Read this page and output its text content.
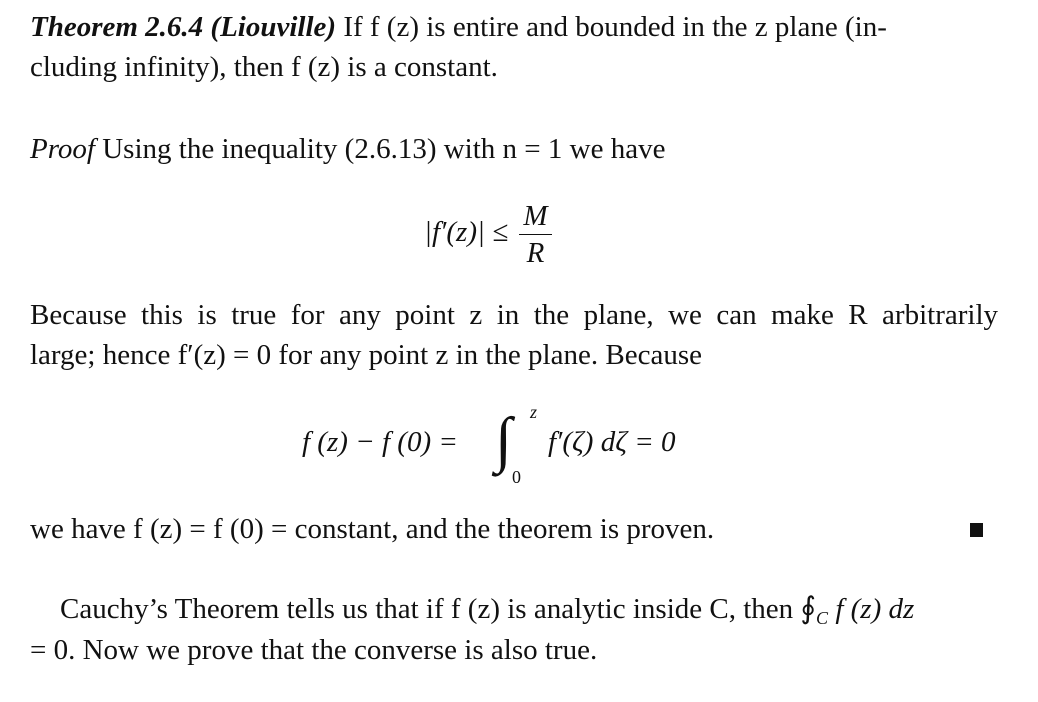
Theorem 2.6.4 (Liouville) If f (z) is entire and bounded in the z plane (in-
cluding infinity), then f (z) is a constant.
Proof Using the inequality (2.6.13) with n = 1 we have
$|f'(z)| \le \frac{M}{R}$
Because this is true for any point z in the plane, we can make R arbitrarily
large; hence f′(z) = 0 for any point z in the plane. Because
f (z) − f (0) = ∫ z
0
f′(ζ) dζ = 0
we have f (z) = f (0) = constant, and the theorem is proven.
Cauchy’s Theorem tells us that if f (z) is analytic inside C, then $∮_C$ f (z) dz
= 0. Now we prove that the converse is also true.
